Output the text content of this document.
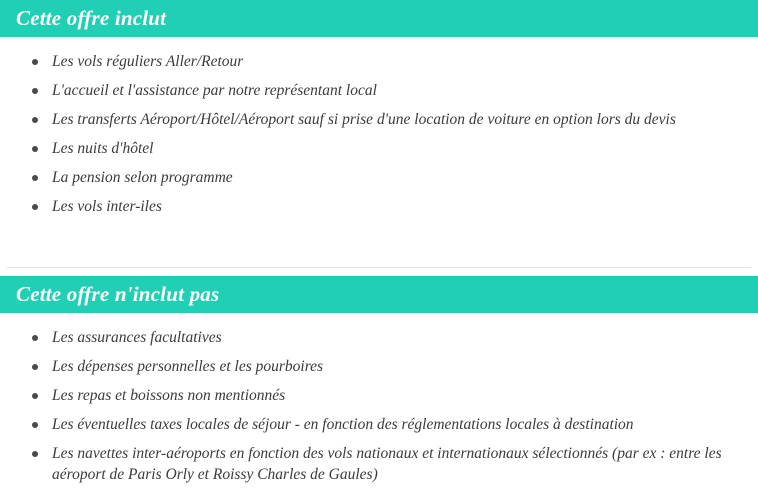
Cette offre inclut
Les vols réguliers Aller/Retour
L'accueil et l'assistance par notre représentant local
Les transferts Aéroport/Hôtel/Aéroport sauf si prise d'une location de voiture en option lors du devis
Les nuits d'hôtel
La pension selon programme
Les vols inter-iles
Cette offre n'inclut pas
Les assurances facultatives
Les dépenses personnelles et les pourboires
Les repas et boissons non mentionnés
Les éventuelles taxes locales de séjour - en fonction des réglementations locales à destination
Les navettes inter-aéroports en fonction des vols nationaux et internationaux sélectionnés (par ex : entre les aéroport de Paris Orly et Roissy Charles de Gaules)
